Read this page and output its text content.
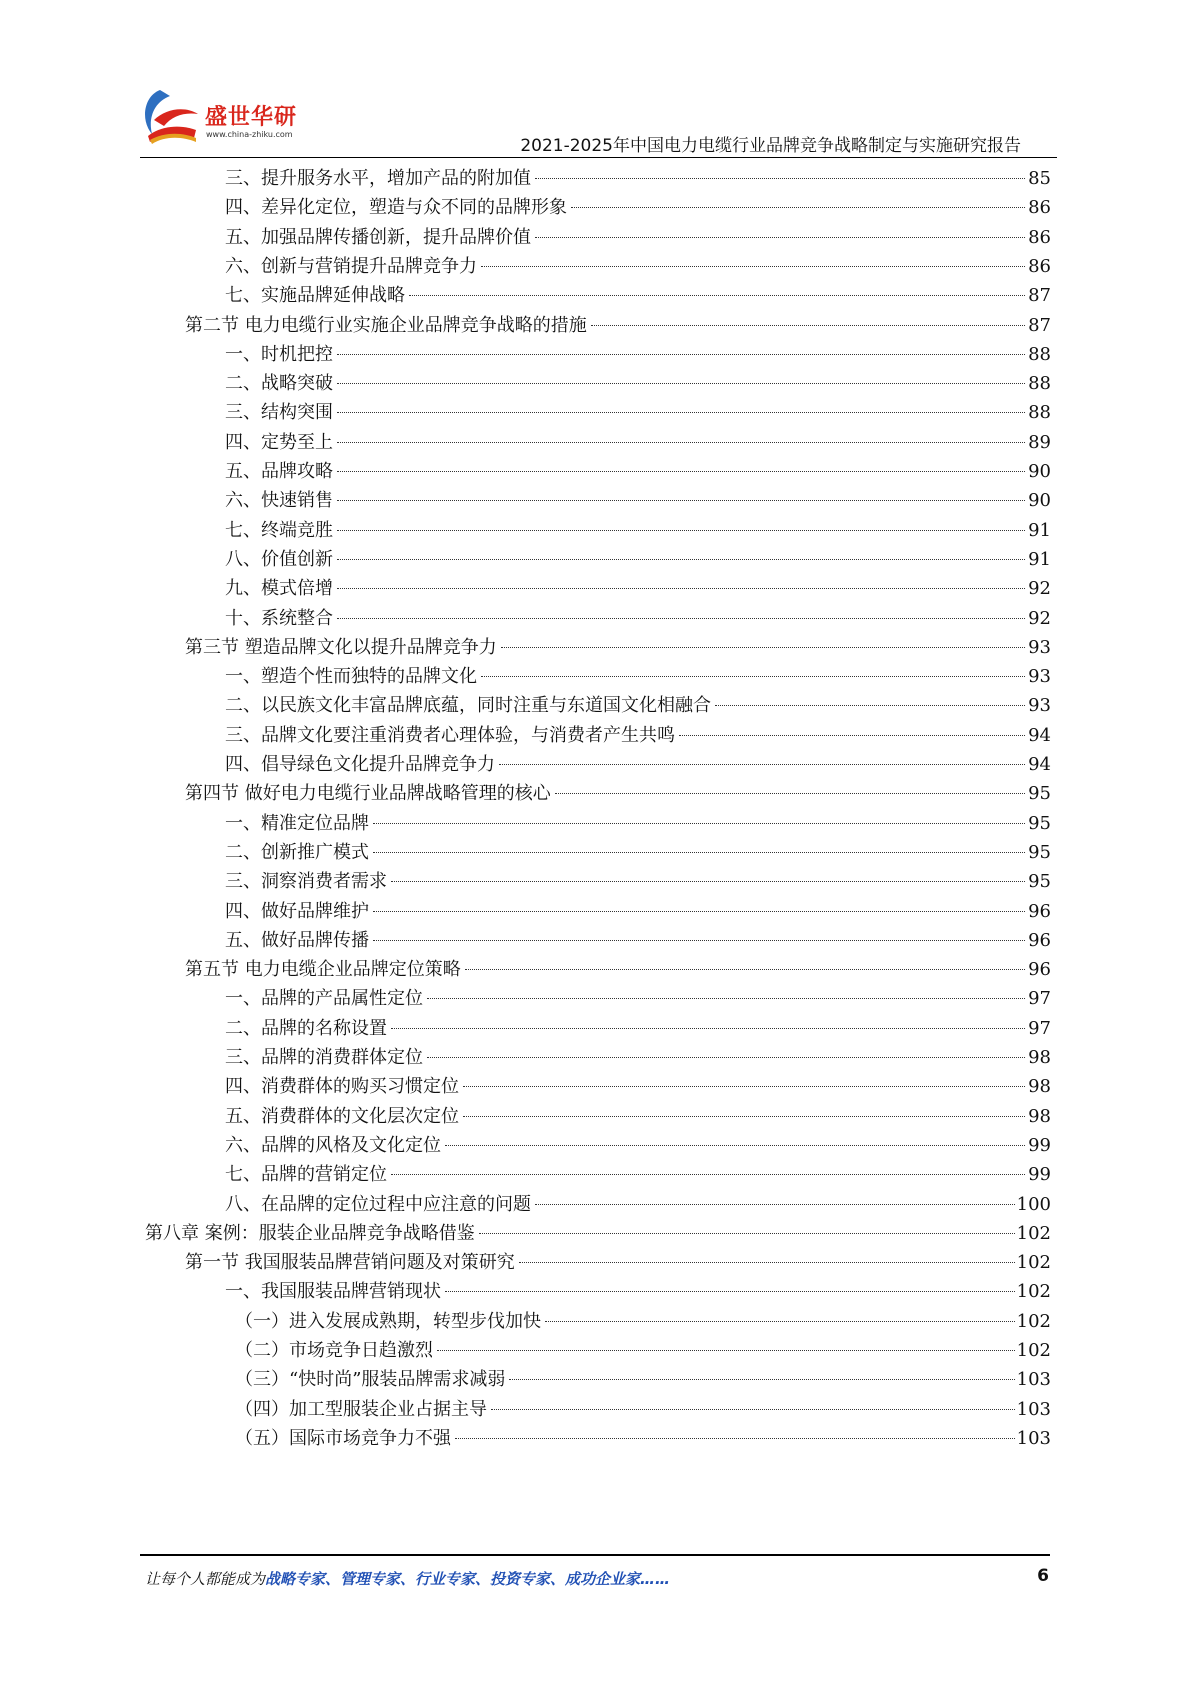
盛世华研
www.china-zhiku.com
2021-2025年中国电力电缆行业品牌竞争战略制定与实施研究报告
三、提升服务水平，增加产品的附加值	85
四、差异化定位，塑造与众不同的品牌形象	86
五、加强品牌传播创新，提升品牌价值	86
六、创新与营销提升品牌竞争力	86
七、实施品牌延伸战略	87
第二节 电力电缆行业实施企业品牌竞争战略的措施	87
一、时机把控	88
二、战略突破	88
三、结构突围	88
四、定势至上	89
五、品牌攻略	90
六、快速销售	90
七、终端竞胜	91
八、价值创新	91
九、模式倍增	92
十、系统整合	92
第三节 塑造品牌文化以提升品牌竞争力	93
一、塑造个性而独特的品牌文化	93
二、以民族文化丰富品牌底蕴，同时注重与东道国文化相融合	93
三、品牌文化要注重消费者心理体验，与消费者产生共鸣	94
四、倡导绿色文化提升品牌竞争力	94
第四节 做好电力电缆行业品牌战略管理的核心	95
一、精准定位品牌	95
二、创新推广模式	95
三、洞察消费者需求	95
四、做好品牌维护	96
五、做好品牌传播	96
第五节 电力电缆企业品牌定位策略	96
一、品牌的产品属性定位	97
二、品牌的名称设置	97
三、品牌的消费群体定位	98
四、消费群体的购买习惯定位	98
五、消费群体的文化层次定位	98
六、品牌的风格及文化定位	99
七、品牌的营销定位	99
八、在品牌的定位过程中应注意的问题	100
第八章 案例：服装企业品牌竞争战略借鉴	102
第一节 我国服装品牌营销问题及对策研究	102
一、我国服装品牌营销现状	102
（一）进入发展成熟期，转型步伐加快	102
（二）市场竞争日趋激烈	102
（三）“快时尚”服装品牌需求减弱	103
（四）加工型服装企业占据主导	103
（五）国际市场竞争力不强	103
让每个人都能成为战略专家、管理专家、行业专家、投资专家、成功企业家……	6
